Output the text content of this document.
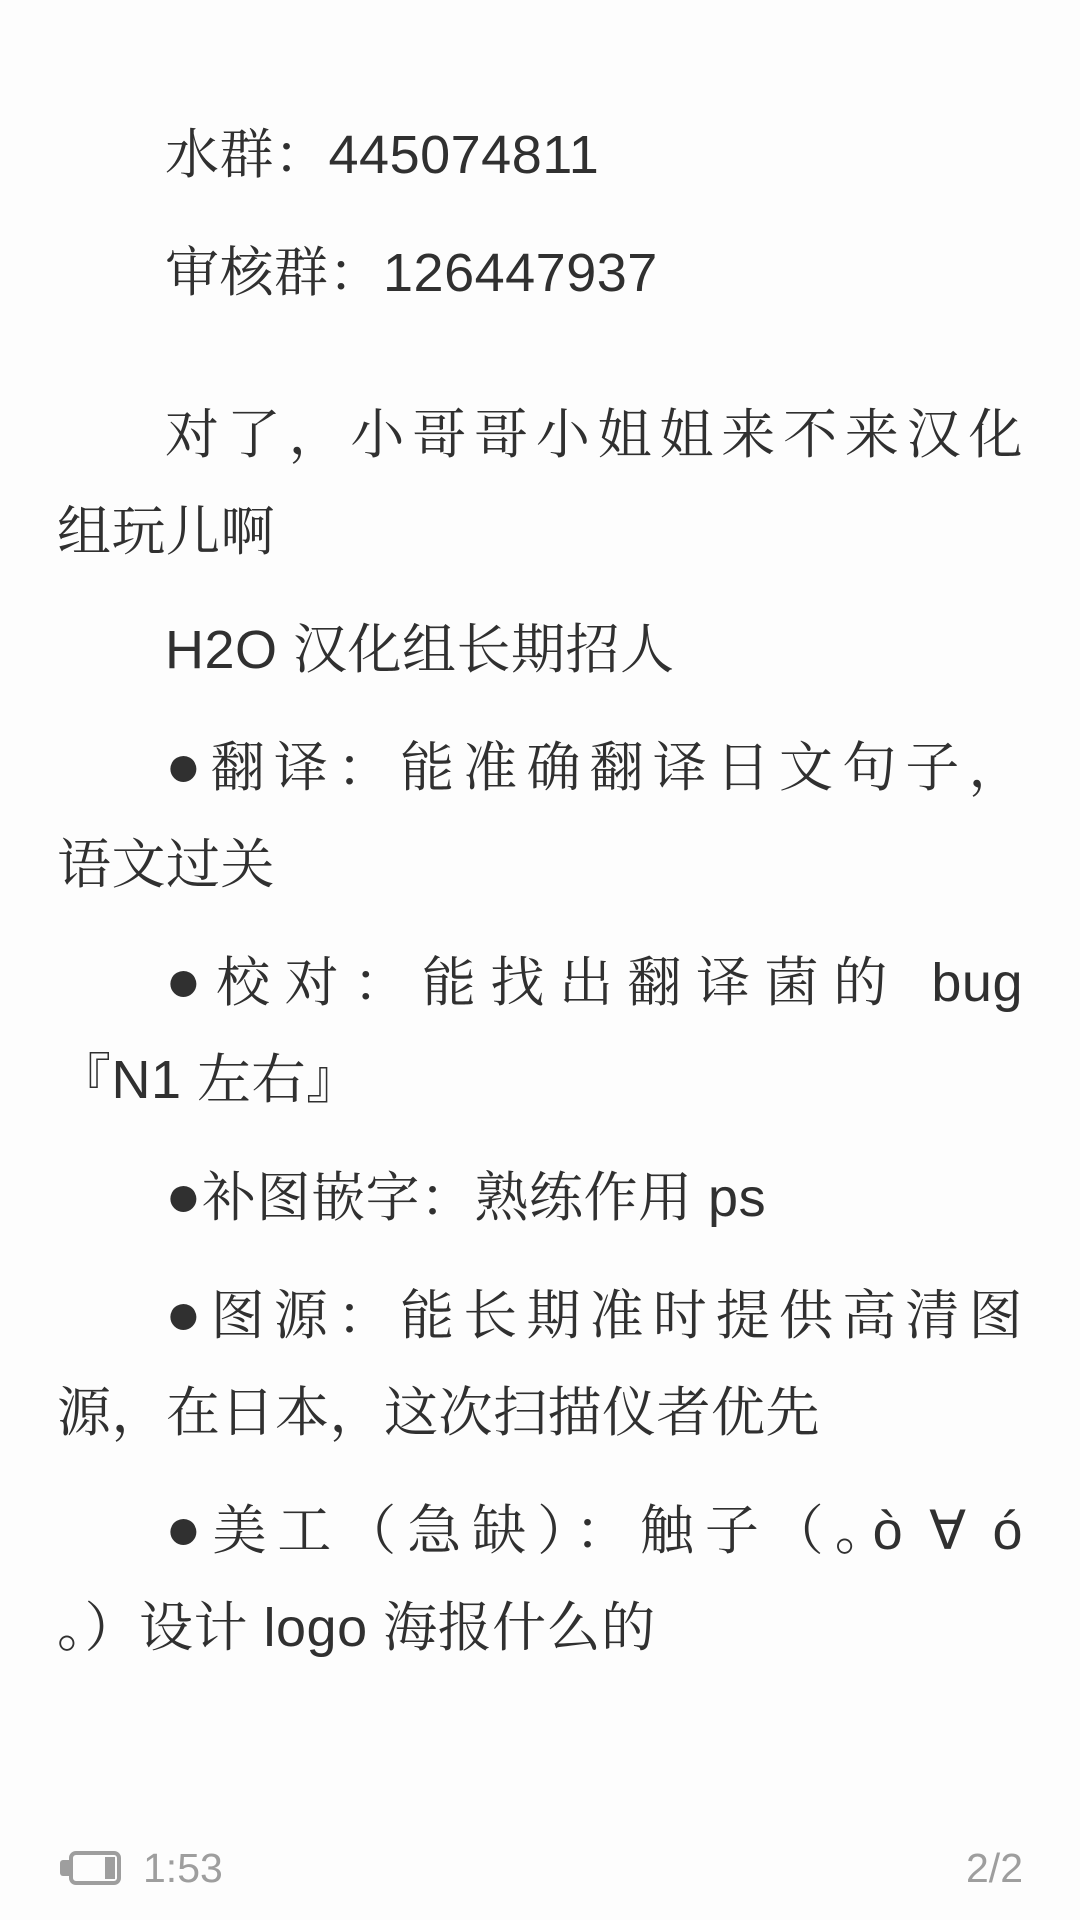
水群：445074811
审核群：126447937
对了，小哥哥小姐姐来不来汉化
组玩儿啊
H2O 汉化组长期招人
●翻译：能准确翻译日文句子，
语文过关
●校对：能找出翻译菌的 bug
『N1 左右』
●补图嵌字：熟练作用 ps
●图源：能长期准时提供高清图
源，在日本，这次扫描仪者优先
●美工（急缺）：触子（｡ò ∀ ó
｡）设计 logo 海报什么的
1:53	2/2
